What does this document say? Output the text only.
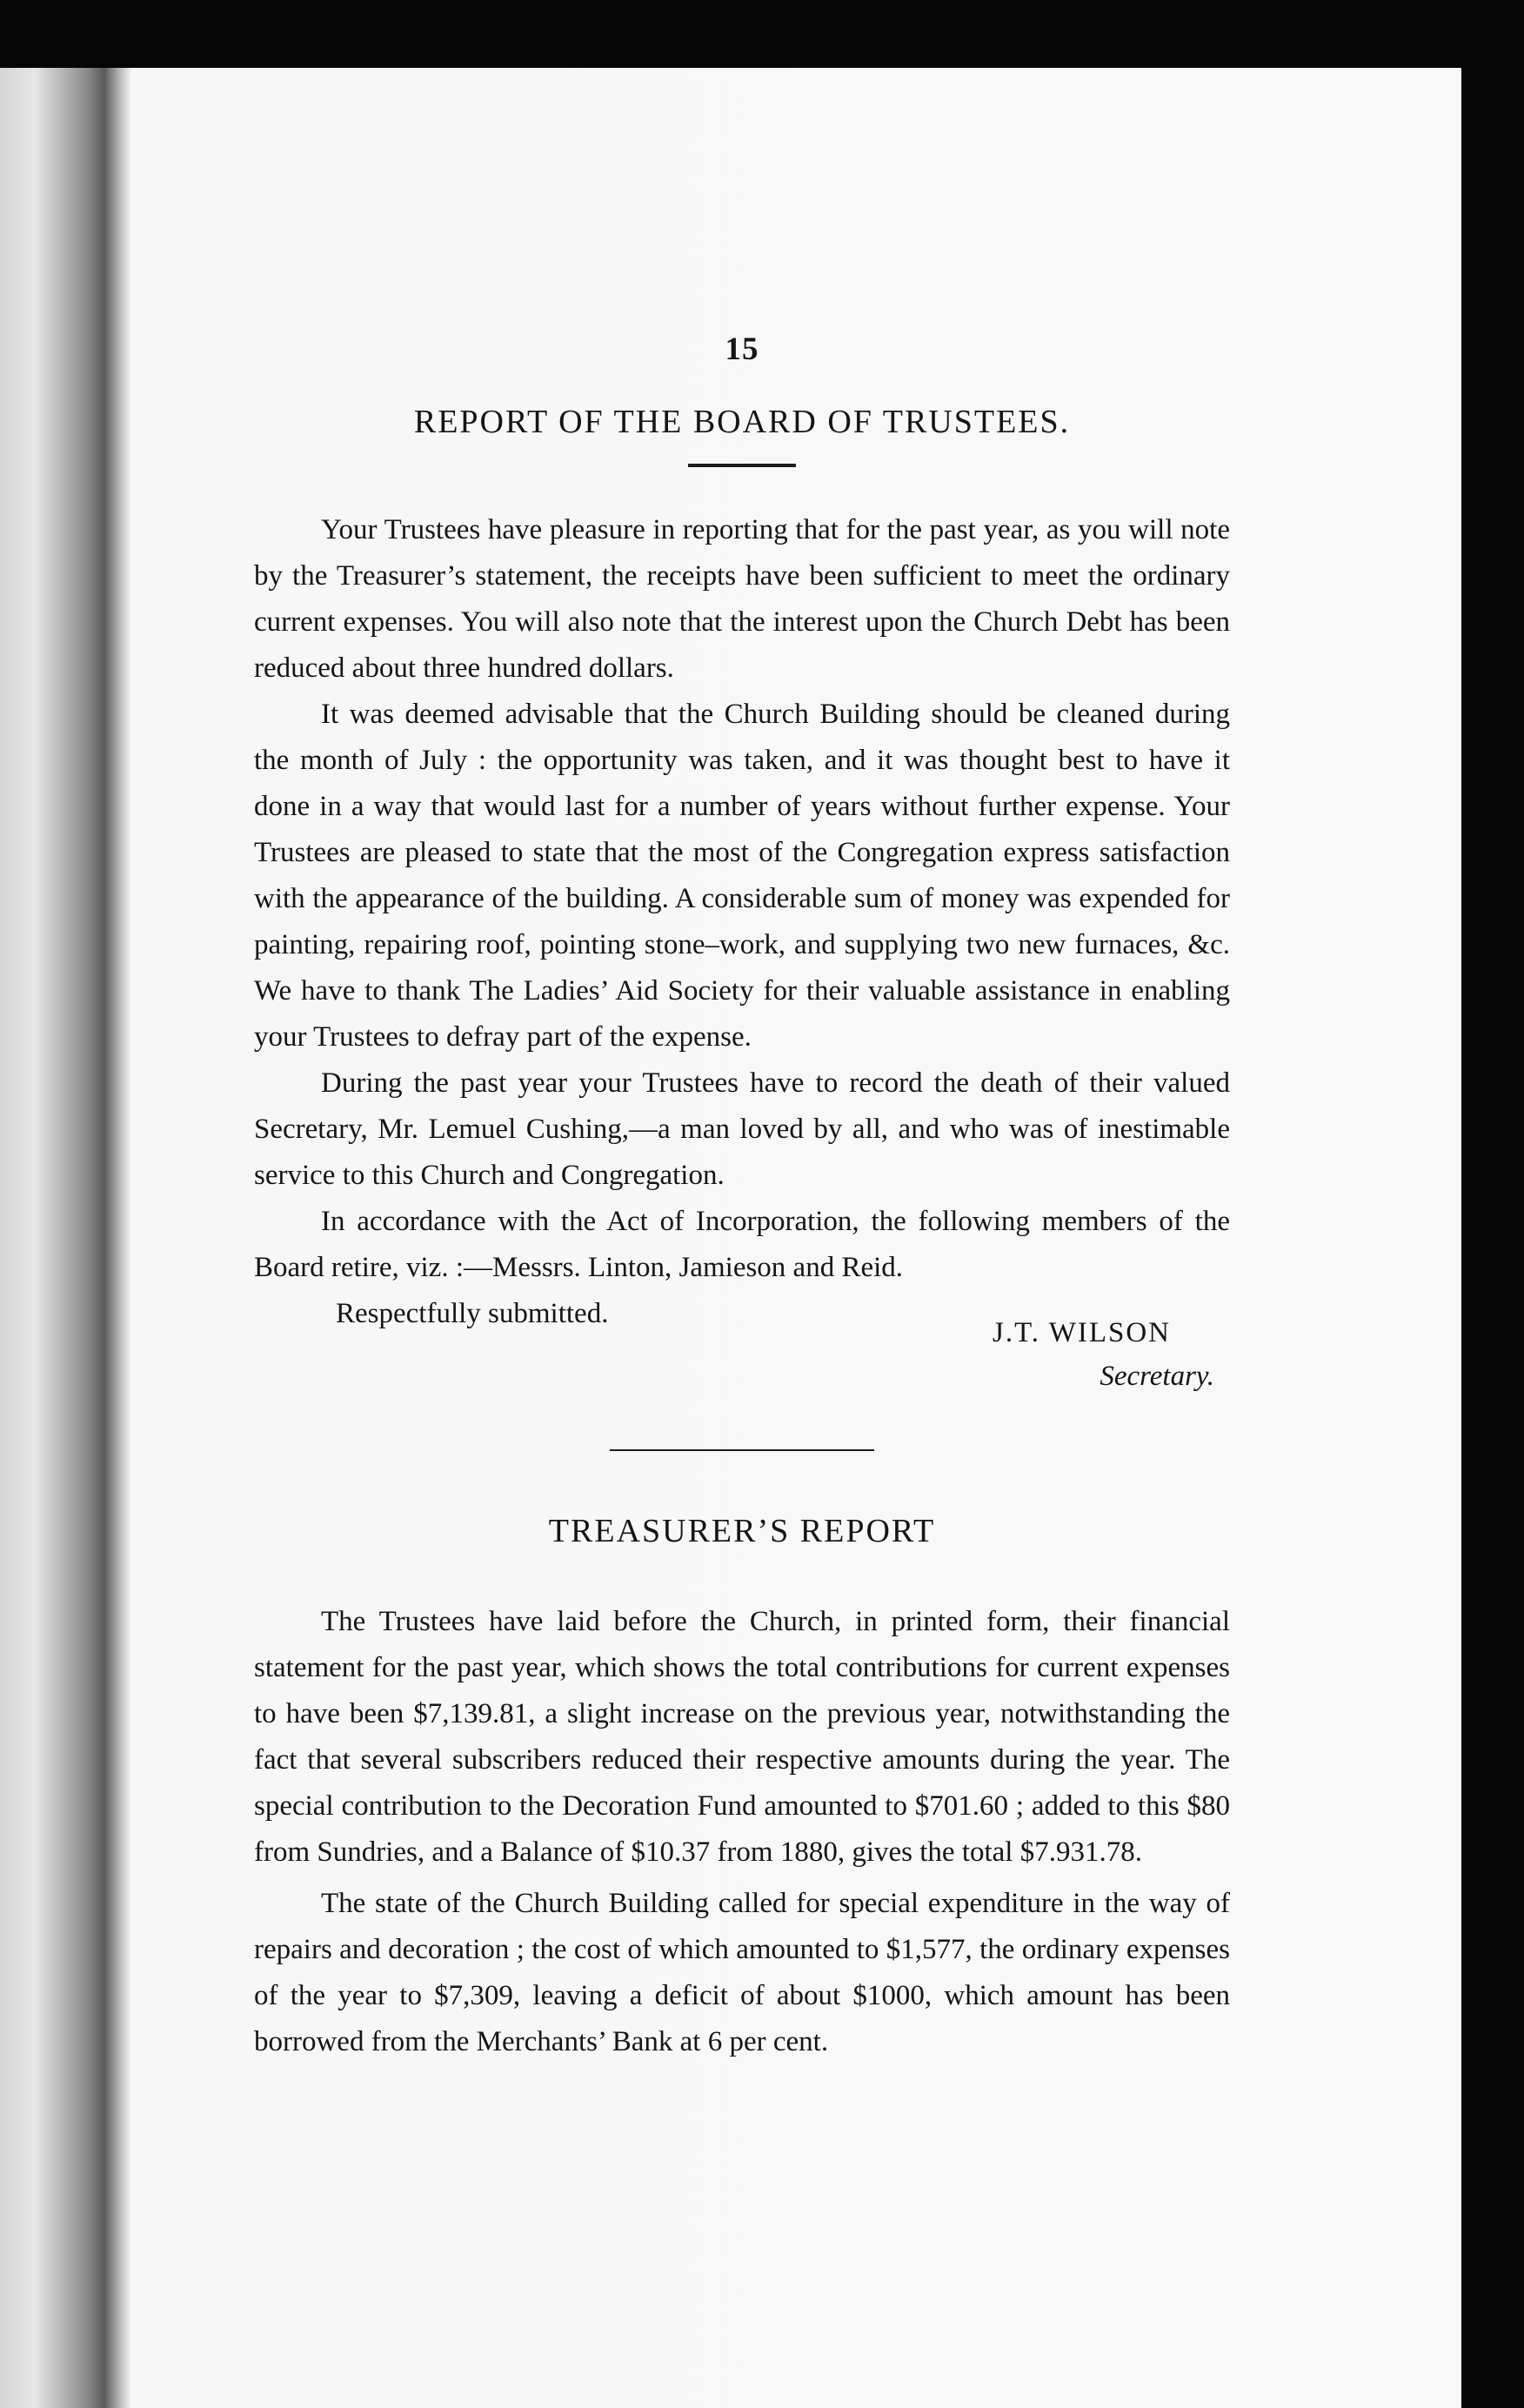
15
REPORT OF THE BOARD OF TRUSTEES.

Your Trustees have pleasure in reporting that for the past year, as you will note by the Treasurer’s statement, the receipts have been sufficient to meet the ordinary current expenses. You will also note that the interest upon the Church Debt has been reduced about three hundred dollars.

It was deemed advisable that the Church Building should be cleaned during the month of July : the opportunity was taken, and it was thought best to have it done in a way that would last for a number of years without further expense. Your Trustees are pleased to state that the most of the Congregation express satisfaction with the appearance of the building. A considerable sum of money was expended for painting, repairing roof, pointing stone–work, and supplying two new furnaces, &c. We have to thank The Ladies’ Aid Society for their valuable assistance in enabling your Trustees to defray part of the expense.

During the past year your Trustees have to record the death of their valued Secretary, Mr. Lemuel Cushing,—a man loved by all, and who was of inestimable service to this Church and Congregation.

In accordance with the Act of Incorporation, the following members of the Board retire, viz. :—Messrs. Linton, Jamieson and Reid.

Respectfully submitted.
J.T. WILSON
Secretary.
TREASURER’S REPORT

The Trustees have laid before the Church, in printed form, their financial statement for the past year, which shows the total contributions for current expenses to have been $7,139.81, a slight increase on the previous year, notwithstanding the fact that several subscribers reduced their respective amounts during the year. The special contribution to the Decoration Fund amounted to $701.60 ; added to this $80 from Sundries, and a Balance of $10.37 from 1880, gives the total $7.931.78.

The state of the Church Building called for special expenditure in the way of repairs and decoration ; the cost of which amounted to $1,577, the ordinary expenses of the year to $7,309, leaving a deficit of about $1000, which amount has been borrowed from the Merchants’ Bank at 6 per cent.
